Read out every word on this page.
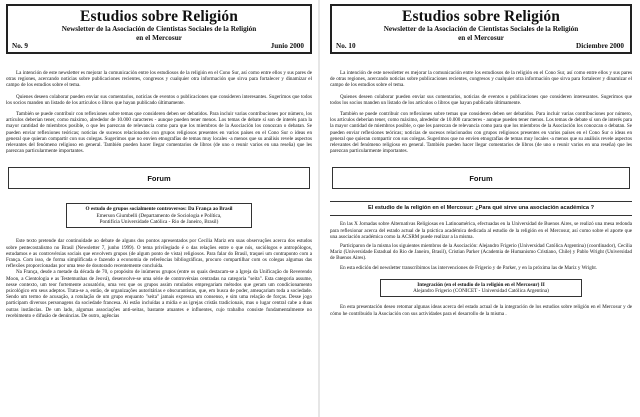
Estudios sobre Religión
Newsletter de la Asociación de Cientistas Sociales de la Religión
en el Mercosur
No. 9	Junio 2000

La intención de este newsletter es mejorar la comunicación entre los estudiosos de la religión en el Cono Sur, así como entre ellos y sus pares de otras regiones, acercando noticias sobre publicaciones recientes, congresos y cualquier otra información que sirva para fortalecer y dinamizar el campo de los estudios sobre el tema.

Quienes deseen colaborar pueden enviar sus comentarios, noticias de eventos o publicaciones que consideren interesantes. Sugerimos que todos los socios manden un listado de los artículos o libros que hayan publicado últimamente.

También se puede contribuir con reflexiones sobre temas que consideren deben ser debatidos. Para incluir varias contribuciones por número, los artículos deberían tener, como máximo, alrededor de 10.000 caracteres - aunque pueden tener menos. Los temas de debate sí son de interés para la mayor cantidad de miembros posible, o que les parezcan de relevancia como para que los miembros de la Asociación los conozcan o debatan. Se pueden enviar reflexiones teóricas; noticias de sucesos relacionados con grupos religiosos presentes en varios países en el Cono Sur o ideas en general que quieran compartir con sus colegas. Sugerimos que no envíen etnografías de temas muy locales -a menos que su análisis revele aspectos relevantes del fenómeno religioso en general. También pueden hacer llegar comentarios de libros (de uno o reunir varios en una reseña) que les parezcan particularmente importantes.

Forum
O estudo de grupos socialmente controversos: Da França ao Brasil
Emerson Giumbelli (Departamento de Sociologia e Política,
Pontifícia Universidade Católica - Rio de Janeiro, Brasil)

Este texto pretende dar continuidade ao debate de alguns dos pontos apresentados por Cecília Mariz em suas observações acerca dos estudos sobre pentecostalismo no Brasil (Newsletter 7, junho 1999). O tema privilegiado é o das relações entre o que nós, sociólogos e antropólogos, estudamos e as controvérsias sociais que envolvem grupos (de algum ponto de vista) religiosos. Para falar do Brasil, traquei um contraponto com a França. Com isso, de forma simplificada e fazendo a economia de referências bibliográficas, procuro compartilhar com os colegas algumas das reflexões proporcionadas por uma tese de doutorado recentemente concluída.

Na França, desde a metade da década de 70, o propósito de inúmeros grupos (entre os quais destacam-se a Igreja da Unificação do Reverendo Moon, a Cientologia e as Testemunhas de Jeová), desenvolve-se uma série de controvérsias centradas na categoria "seita". Esta categoria assume, nesse contexto, um teor fortemente acusatório, uma vez que os grupos assim rotulados empregariam métodos que geram um condicionamento psicológico em seus adeptos. Trata-se a, então, de organizações autoritárias e obscurantistas, que, em busca de poder, ameaçariam toda a sociedade. Sendo um termo de acusação, a rotulação de um grupo enquanto "seita" jamais expressa um consenso, e sim uma relação de forças. Desse jogo participam diversos personagens da sociedade francesa. Ai estão incluídas a mídia e as igrejas cristãs tradicionais, mas o lugar central cabe a duas outras instâncias. De um lado, algumas associações anti-seitas, bastante atuantes e influentes, cujo trabalho consiste fundamentalmente no recebimento e difusão de denúncias. De outro, agências

Estudios sobre Religión
Newsletter de la Asociación de Cientistas Sociales de la Religión
en el Mercosur
No. 10	Diciembre 2000

La intención de este newsletter es mejorar la comunicación entre los estudiosos de la religión en el Cono Sur, así como entre ellos y sus pares de otras regiones, acercando noticias sobre publicaciones recientes, congresos y cualquier otra información que sirva para fortalecer y dinamizar el campo de los estudios sobre el tema.

Quienes deseen colaborar pueden enviar sus comentarios, noticias de eventos o publicaciones que consideren interesantes. Sugerimos que todos los socios manden un listado de los artículos o libros que hayan publicado últimamente.

También se puede contribuir con reflexiones sobre temas que consideren deben ser debatidos. Para incluir varias contribuciones por número, los artículos deberían tener, como máximo, alrededor de 10.000 caracteres - aunque pueden tener menos. Los temas de debate sí son de interés para la mayor cantidad de miembros posible, o que les parezcan de relevancia como para que los miembros de la Asociación los conozcan o debatan. Se pueden enviar reflexiones teóricas; noticias de sucesos relacionados con grupos religiosos presentes en varios países en el Cono Sur o ideas en general que quieran compartir con sus colegas. Sugerimos que no envíen etnografías de temas muy locales -a menos que su análisis revele aspectos relevantes del fenómeno religioso en general. También pueden hacer llegar comentarios de libros (de uno o reunir varios en una reseña) que les parezcan particularmente importantes.

Forum
El estudio de la religión en el Mercosur: ¿Para qué sirve una asociación académica ?

En las X Jornadas sobre Alternativas Religiosas en Latinoamérica, efectuadas en la Universidad de Buenos Aires, se realizó una mesa redonda para reflexionar acerca del estado actual de la práctica académica dedicada al estudio de la religión en el Mercosur, así como sobre el aporte que una asociación académica como la ACSRM puede realizar a la misma.

Participaron de la misma los siguientes miembros de la Asociación: Alejandro Frigerio (Universidad Católica Argentina) (coordinador), Cecilia Mariz (Universidade Estadual do Rio de Janeiro, Brasil), Cristian Parker (Academia de Humanismo Cristiano, Chile) y Pablo Wright (Universidad de Buenos Aires).

En esta edición del newsletter transcribimos las intervenciones de Frigerio y de Parker, y en la próxima las de Mariz y Wright.

Integración (en el estudio de la religión en el Mercosur) II
Alejandro Frigerio (CONICET - Universidad Católica Argentina)

En esta presentación deseo retomar algunas ideas acerca del estado actual de la integración de los estudios sobre religión en el Mercosur y de cómo he contribuido la Asociación con sus actividades para el desarrollo de la misma .
